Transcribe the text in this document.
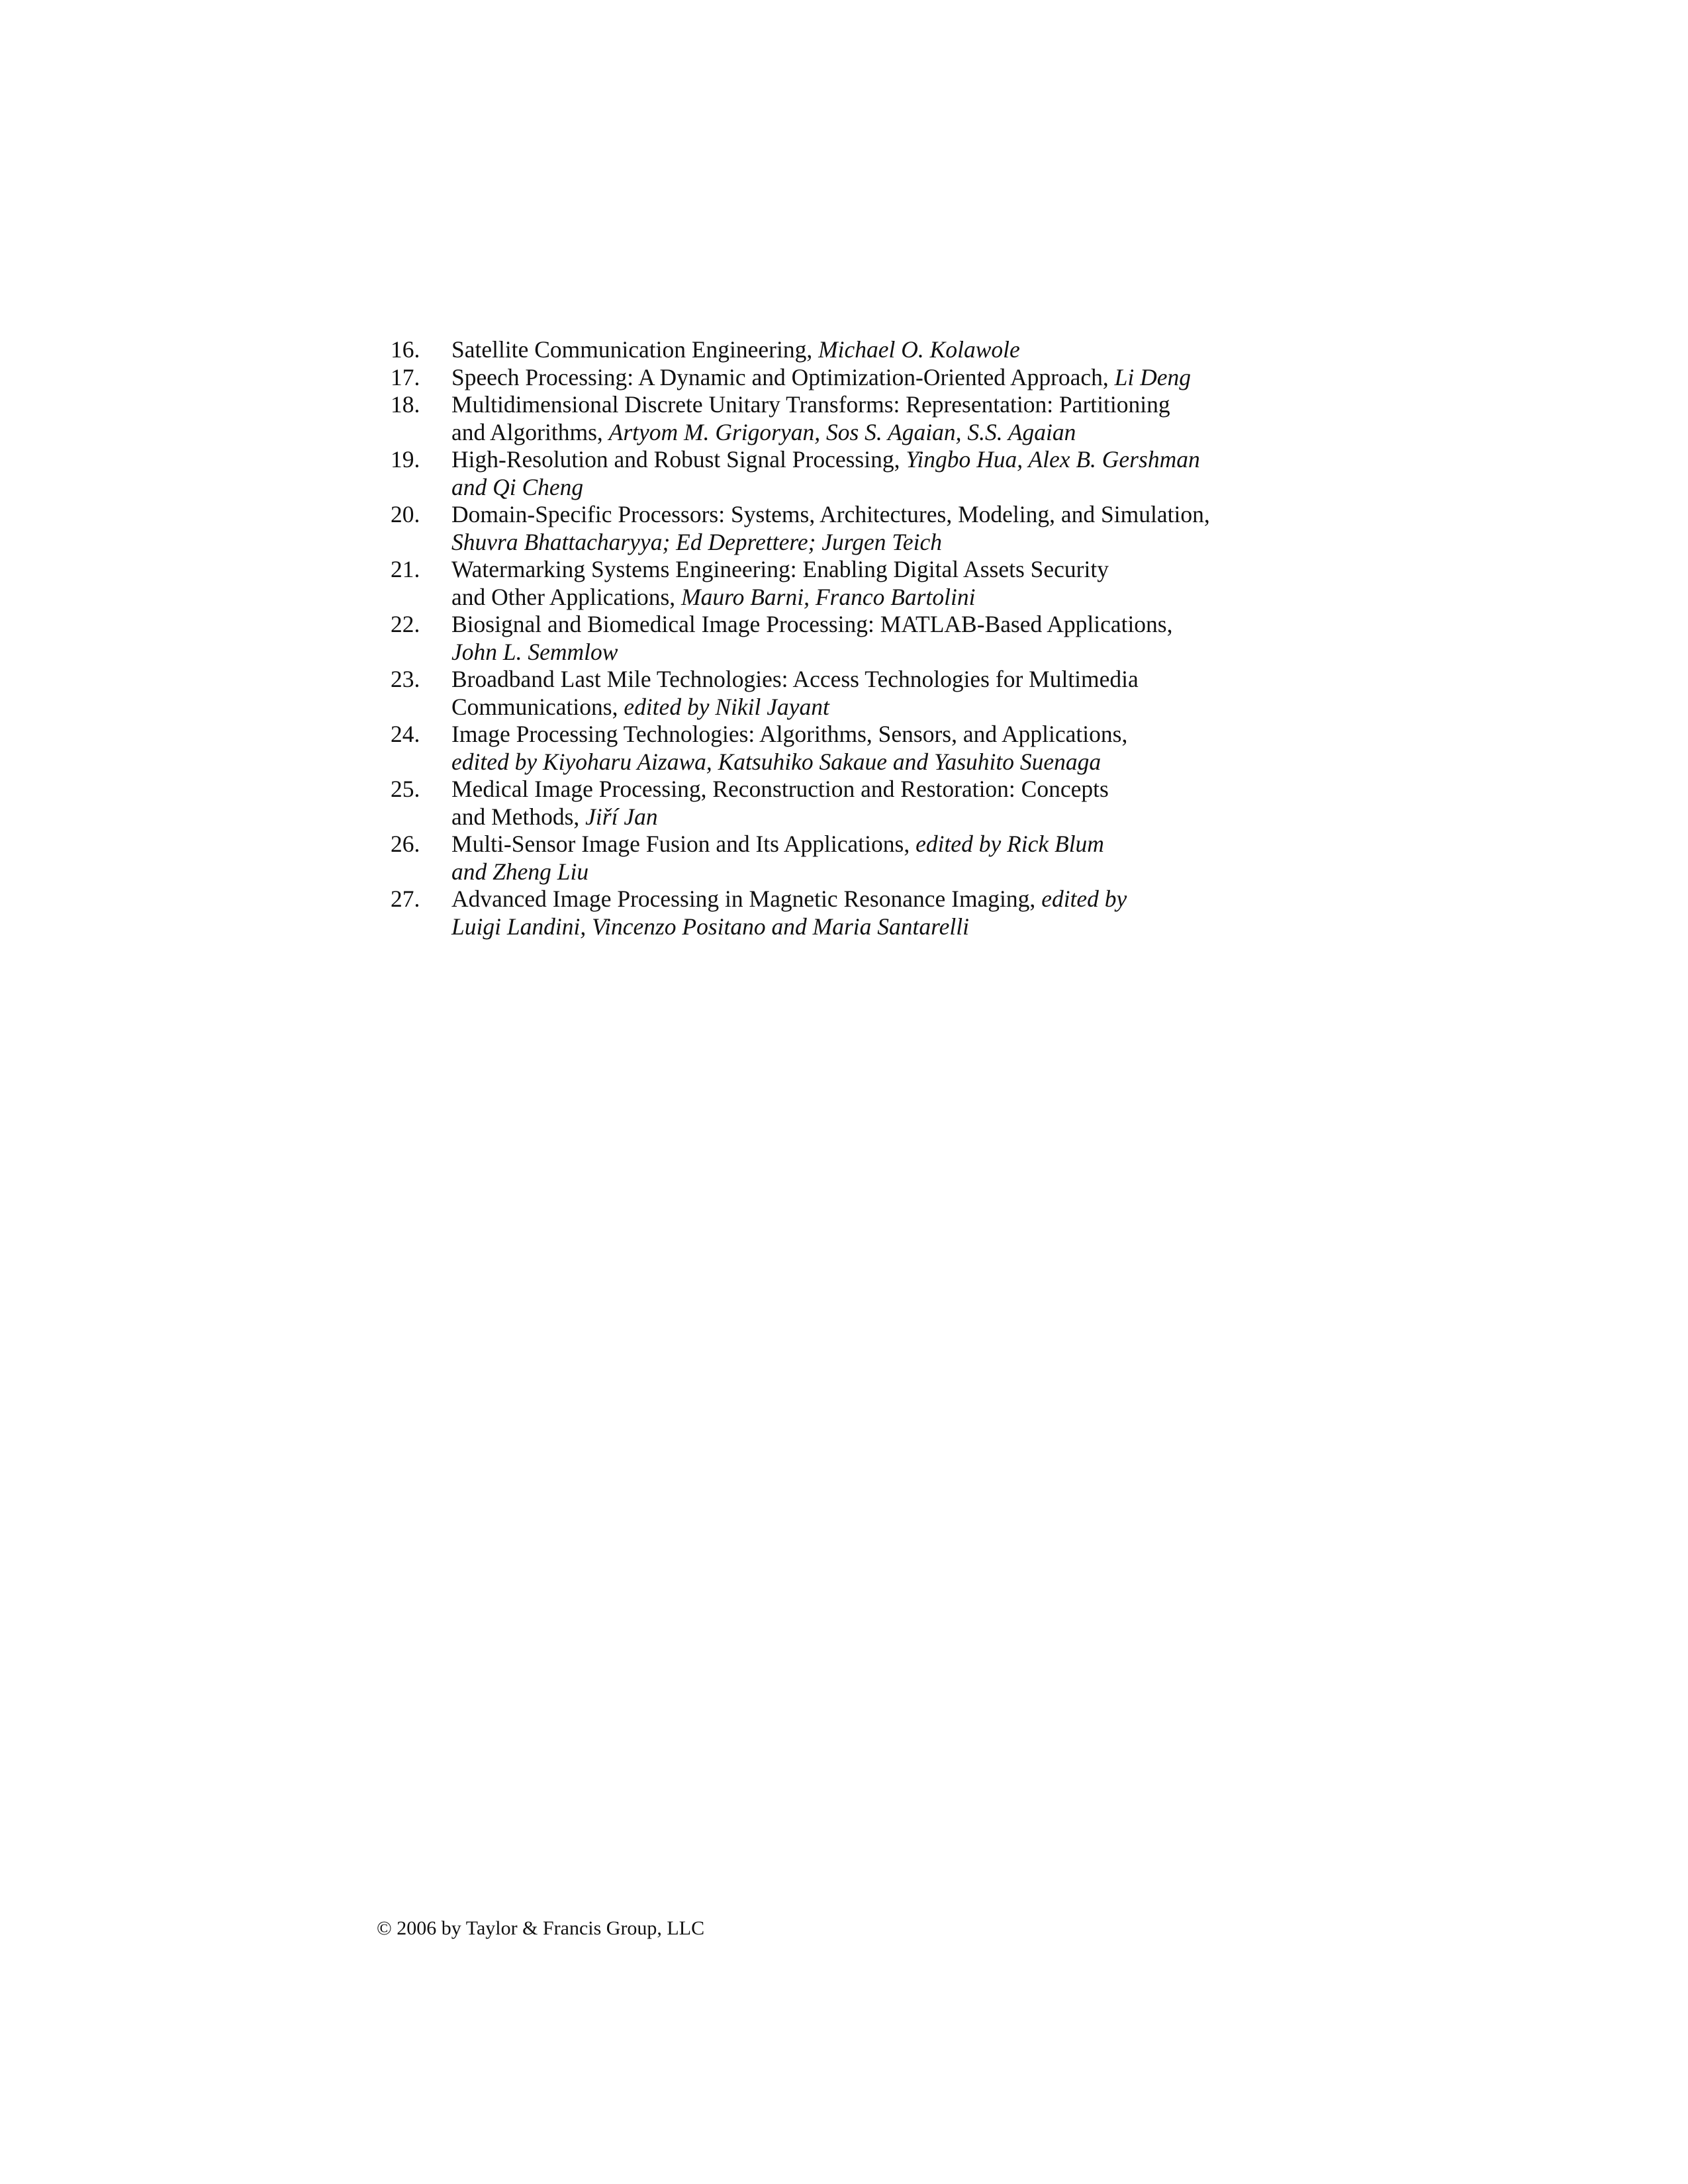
16.	Satellite Communication Engineering, Michael O. Kolawole
17.	Speech Processing: A Dynamic and Optimization-Oriented Approach, Li Deng
18.	Multidimensional Discrete Unitary Transforms: Representation: Partitioning
and Algorithms, Artyom M. Grigoryan, Sos S. Agaian, S.S. Agaian
19.	High-Resolution and Robust Signal Processing, Yingbo Hua, Alex B. Gershman
and Qi Cheng
20.	Domain-Specific Processors: Systems, Architectures, Modeling, and Simulation,
Shuvra Bhattacharyya; Ed Deprettere; Jurgen Teich
21.	Watermarking Systems Engineering: Enabling Digital Assets Security
and Other Applications, Mauro Barni, Franco Bartolini
22.	Biosignal and Biomedical Image Processing: MATLAB-Based Applications,
John L. Semmlow
23.	Broadband Last Mile Technologies: Access Technologies for Multimedia
Communications, edited by Nikil Jayant
24.	Image Processing Technologies: Algorithms, Sensors, and Applications,
edited by Kiyoharu Aizawa, Katsuhiko Sakaue and Yasuhito Suenaga
25.	Medical Image Processing, Reconstruction and Restoration: Concepts
and Methods, Jiří Jan
26.	Multi-Sensor Image Fusion and Its Applications, edited by Rick Blum
and Zheng Liu
27.	Advanced Image Processing in Magnetic Resonance Imaging, edited by
Luigi Landini, Vincenzo Positano and Maria Santarelli
© 2006 by Taylor & Francis Group, LLC
